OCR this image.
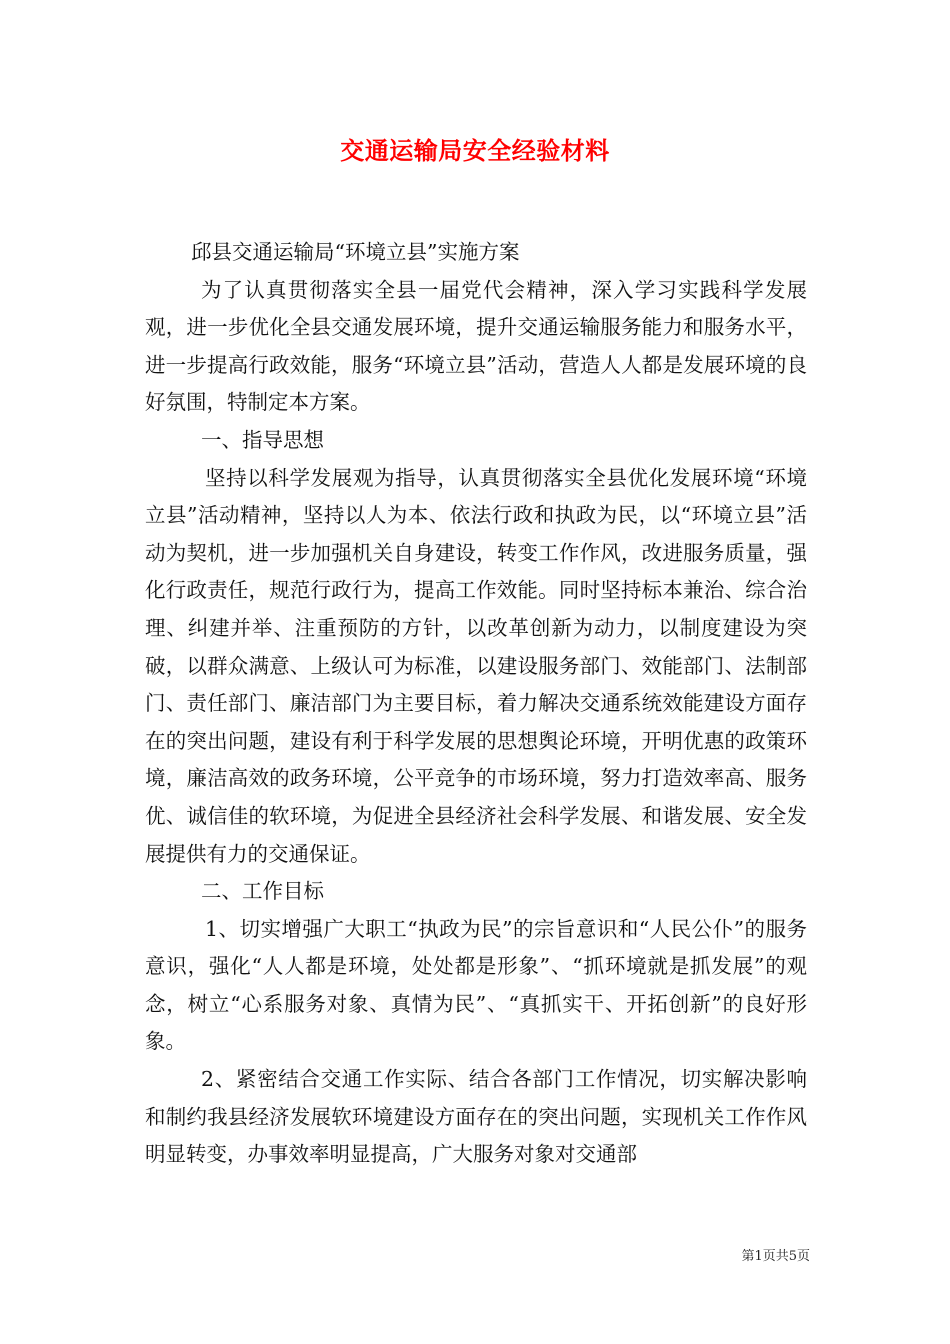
交通运输局安全经验材料

邱县交通运输局“环境立县”实施方案

为了认真贯彻落实全县一届党代会精神，深入学习实践科学发展观，进一步优化全县交通发展环境，提升交通运输服务能力和服务水平，进一步提高行政效能，服务“环境立县”活动，营造人人都是发展环境的良好氛围，特制定本方案。

一、指导思想

坚持以科学发展观为指导，认真贯彻落实全县优化发展环境“环境立县”活动精神，坚持以人为本、依法行政和执政为民，以“环境立县”活动为契机，进一步加强机关自身建设，转变工作作风，改进服务质量，强化行政责任，规范行政行为，提高工作效能。同时坚持标本兼治、综合治理、纠建并举、注重预防的方针，以改革创新为动力，以制度建设为突破，以群众满意、上级认可为标准，以建设服务部门、效能部门、法制部门、责任部门、廉洁部门为主要目标，着力解决交通系统效能建设方面存在的突出问题，建设有利于科学发展的思想舆论环境，开明优惠的政策环境，廉洁高效的政务环境，公平竞争的市场环境，努力打造效率高、服务优、诚信佳的软环境，为促进全县经济社会科学发展、和谐发展、安全发展提供有力的交通保证。

二、工作目标

1、切实增强广大职工“执政为民”的宗旨意识和“人民公仆”的服务意识，强化“人人都是环境，处处都是形象”、“抓环境就是抓发展”的观念，树立“心系服务对象、真情为民”、“真抓实干、开拓创新”的良好形象。

2、紧密结合交通工作实际、结合各部门工作情况，切实解决影响和制约我县经济发展软环境建设方面存在的突出问题，实现机关工作作风明显转变，办事效率明显提高，广大服务对象对交通部

第1页共5页
